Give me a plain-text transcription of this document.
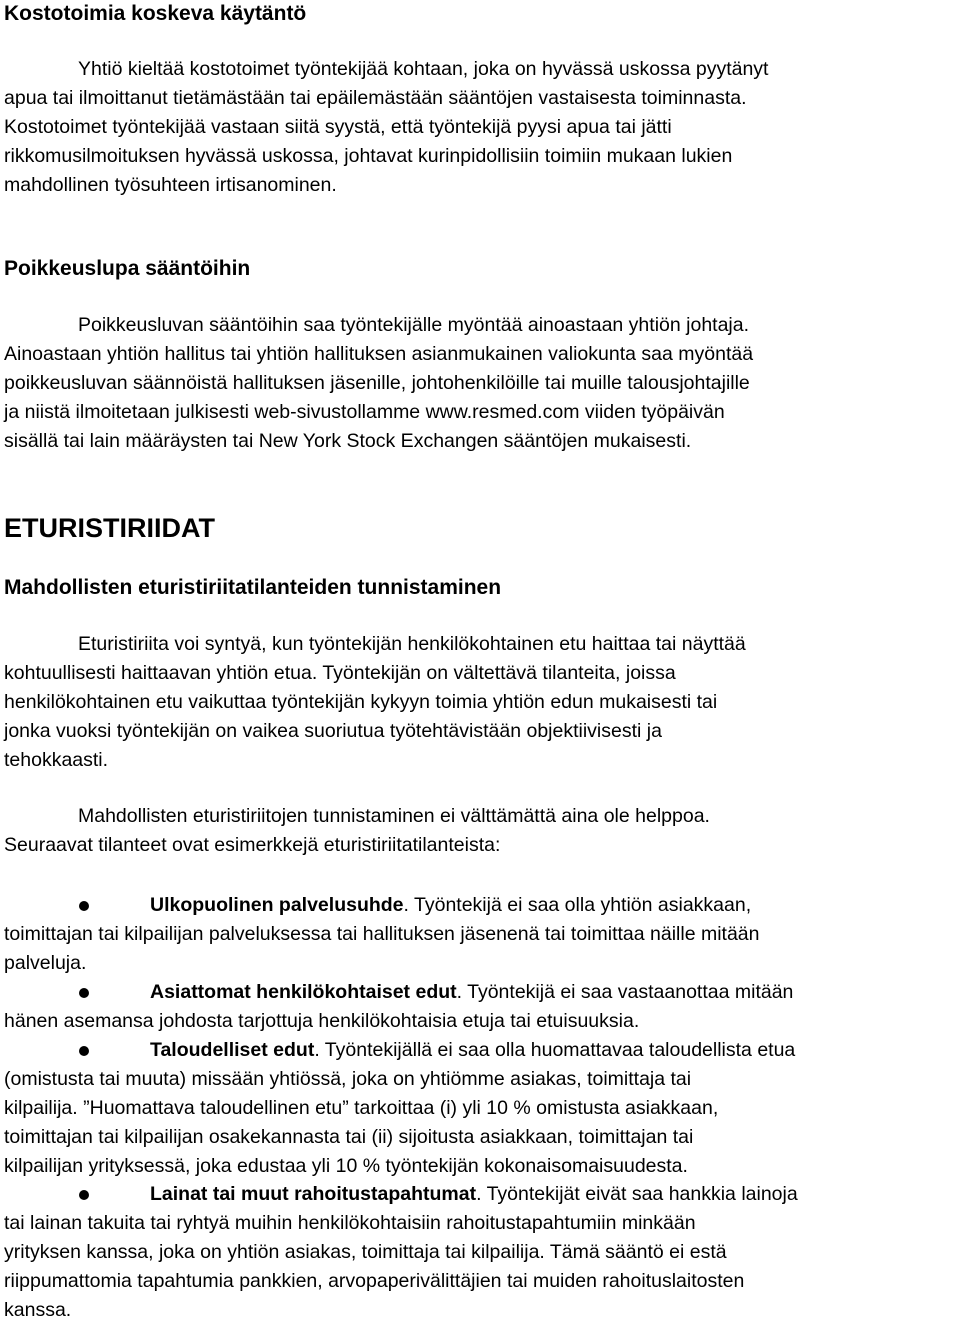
Kostotoimia koskeva käytäntö
Yhtiö kieltää kostotoimet työntekijää kohtaan, joka on hyvässä uskossa pyytänyt
apua tai ilmoittanut tietämästään tai epäilemästään sääntöjen vastaisesta toiminnasta.
Kostotoimet työntekijää vastaan siitä syystä, että työntekijä pyysi apua tai jätti
rikkomusilmoituksen hyvässä uskossa, johtavat kurinpidollisiin toimiin mukaan lukien
mahdollinen työsuhteen irtisanominen.
Poikkeuslupa sääntöihin
Poikkeusluvan sääntöihin saa työntekijälle myöntää ainoastaan yhtiön johtaja.
Ainoastaan yhtiön hallitus tai yhtiön hallituksen asianmukainen valiokunta saa myöntää
poikkeusluvan säännöistä hallituksen jäsenille, johtohenkilöille tai muille talousjohtajille
ja niistä ilmoitetaan julkisesti web-sivustollamme www.resmed.com viiden työpäivän
sisällä tai lain määräysten tai New York Stock Exchangen sääntöjen mukaisesti.
ETURISTIRIIDAT
Mahdollisten eturistiriitatilanteiden tunnistaminen
Eturistiriita voi syntyä, kun työntekijän henkilökohtainen etu haittaa tai näyttää
kohtuullisesti haittaavan yhtiön etua. Työntekijän on vältettävä tilanteita, joissa
henkilökohtainen etu vaikuttaa työntekijän kykyyn toimia yhtiön edun mukaisesti tai
jonka vuoksi työntekijän on vaikea suoriutua työtehtävistään objektiivisesti ja
tehokkaasti.
Mahdollisten eturistiriitojen tunnistaminen ei välttämättä aina ole helppoa.
Seuraavat tilanteet ovat esimerkkejä eturistiriitatilanteista:
Ulkopuolinen palvelusuhde. Työntekijä ei saa olla yhtiön asiakkaan,
toimittajan tai kilpailijan palveluksessa tai hallituksen jäsenenä tai toimittaa näille mitään
palveluja.
Asiattomat henkilökohtaiset edut. Työntekijä ei saa vastaanottaa mitään
hänen asemansa johdosta tarjottuja henkilökohtaisia etuja tai etuisuuksia.
Taloudelliset edut. Työntekijällä ei saa olla huomattavaa taloudellista etua
(omistusta tai muuta) missään yhtiössä, joka on yhtiömme asiakas, toimittaja tai
kilpailija. ”Huomattava taloudellinen etu” tarkoittaa (i) yli 10 % omistusta asiakkaan,
toimittajan tai kilpailijan osakekannasta tai (ii) sijoitusta asiakkaan, toimittajan tai
kilpailijan yrityksessä, joka edustaa yli 10 % työntekijän kokonaisomaisuudesta.
Lainat tai muut rahoitustapahtumat. Työntekijät eivät saa hankkia lainoja
tai lainan takuita tai ryhtyä muihin henkilökohtaisiin rahoitustapahtumiin minkään
yrityksen kanssa, joka on yhtiön asiakas, toimittaja tai kilpailija. Tämä sääntö ei estä
riippumattomia tapahtumia pankkien, arvopaperivälittäjien tai muiden rahoituslaitosten
kanssa.
